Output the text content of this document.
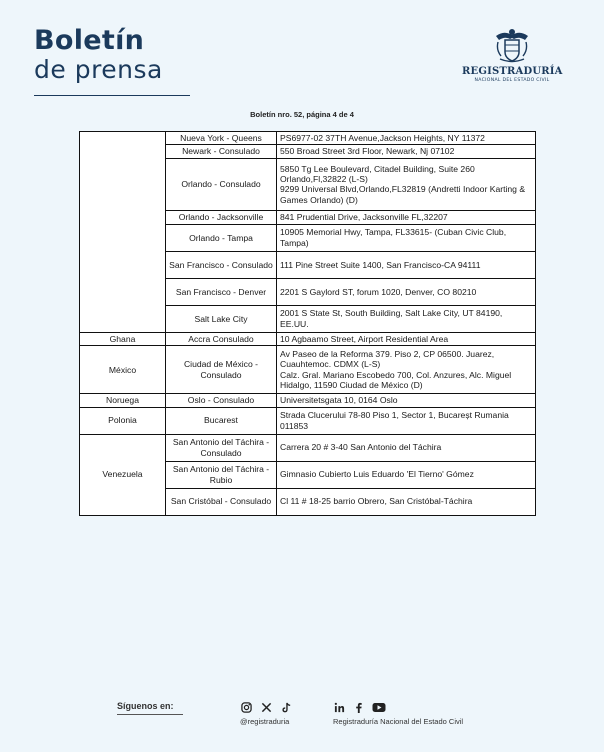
Boletín
de prensa	REGISTRADURÍA
NACIONAL DEL ESTADO CIVIL
Boletín nro. 52, página 4 de 4
	Nueva York - Queens	PS6977-02 37TH Avenue,Jackson Heights, NY 11372
	Newark - Consulado	550 Broad Street 3rd Floor, Newark, Nj 07102
	Orlando - Consulado	5850 Tg Lee Boulevard, Citadel Building, Suite 260 Orlando,Fl,32822 (L-S)
9299 Universal Blvd,Orlando,FL32819 (Andretti Indoor Karting & Games Orlando) (D)

	Orlando - Jacksonville	841 Prudential Drive, Jacksonville FL,32207
	Orlando - Tampa	10905 Memorial Hwy, Tampa, FL33615- (Cuban Civic Club, Tampa)
	San Francisco - Consulado	111 Pine Street Suite 1400, San Francisco-CA 94111
	San Francisco - Denver	2201 S Gaylord ST, forum 1020, Denver, CO 80210
	Salt Lake City	2001 S State St, South Building, Salt Lake City, UT 84190, EE.UU.
Ghana	Accra Consulado	10 Agbaamo Street, Airport Residential Area
México	Ciudad de México - Consulado	Av Paseo de la Reforma 379. Piso 2, CP 06500. Juarez, Cuauhtemoc. CDMX (L-S)
Calz. Gral. Mariano Escobedo 700, Col. Anzures, Alc. Miguel Hidalgo, 11590 Ciudad de México (D)

Noruega	Oslo - Consulado	Universitetsgata 10, 0164 Oslo
Polonia	Bucarest	Strada Clucerului 78-80 Piso 1, Sector 1, Bucareșt Rumania 011853
Venezuela	San Antonio del Táchira - Consulado	Carrera 20 # 3-40 San Antonio del Táchira
	San Antonio del Táchira - Rubio	Gimnasio Cubierto Luis Eduardo 'El Tierno' Gómez
	San Cristóbal - Consulado	Cl 11 # 18-25 barrio Obrero, San Cristóbal-Táchira
Síguenos en:
@registraduria	Registraduría Nacional del Estado Civil
